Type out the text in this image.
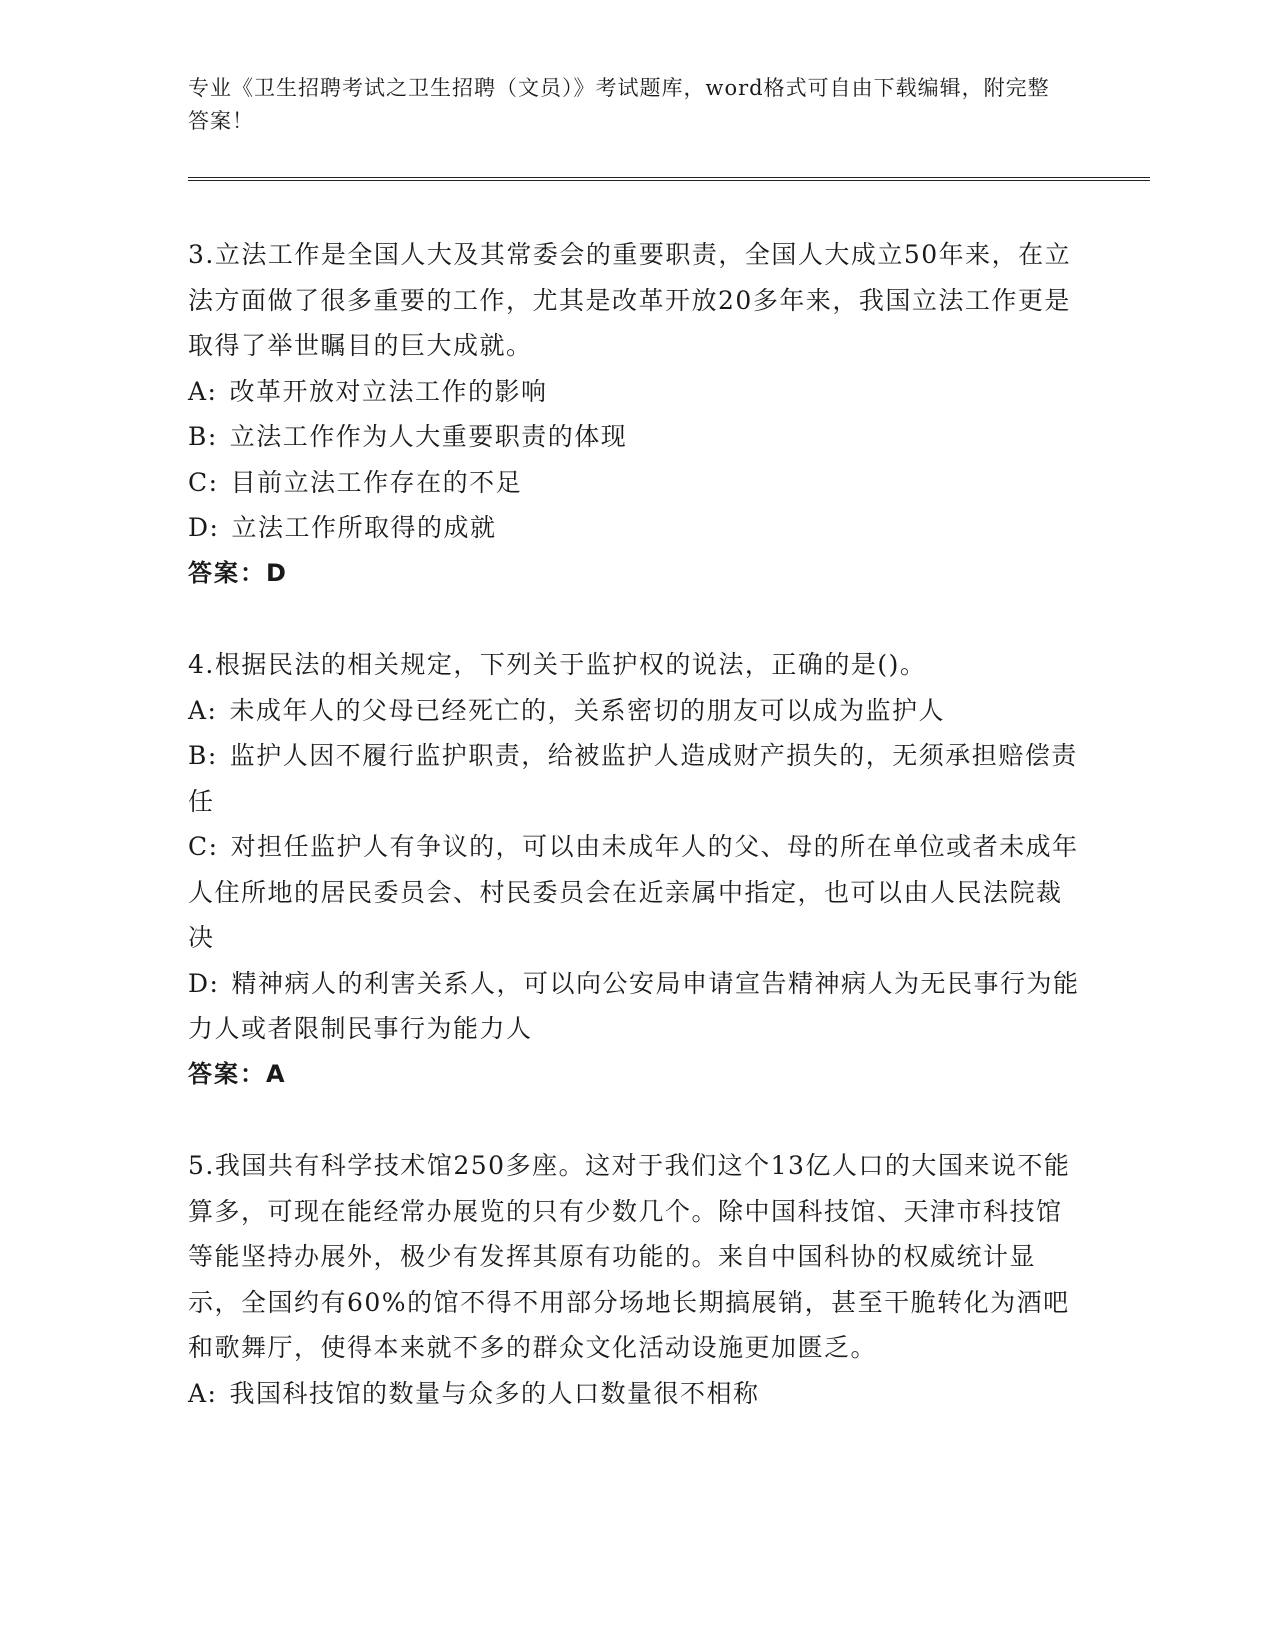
专业《卫生招聘考试之卫生招聘（文员）》考试题库，word格式可自由下载编辑，附完整答案！

3.立法工作是全国人大及其常委会的重要职责，全国人大成立50年来，在立法方面做了很多重要的工作，尤其是改革开放20多年来，我国立法工作更是取得了举世瞩目的巨大成就。

A: 改革开放对立法工作的影响

B: 立法工作作为人大重要职责的体现

C: 目前立法工作存在的不足

D: 立法工作所取得的成就

答案：D

4.根据民法的相关规定，下列关于监护权的说法，正确的是()。

A: 未成年人的父母已经死亡的，关系密切的朋友可以成为监护人

B: 监护人因不履行监护职责，给被监护人造成财产损失的，无须承担赔偿责任

C: 对担任监护人有争议的，可以由未成年人的父、母的所在单位或者未成年人住所地的居民委员会、村民委员会在近亲属中指定，也可以由人民法院裁决

D: 精神病人的利害关系人，可以向公安局申请宣告精神病人为无民事行为能力人或者限制民事行为能力人

答案：A

5.我国共有科学技术馆250多座。这对于我们这个13亿人口的大国来说不能算多，可现在能经常办展览的只有少数几个。除中国科技馆、天津市科技馆等能坚持办展外，极少有发挥其原有功能的。来自中国科协的权威统计显示，全国约有60%的馆不得不用部分场地长期搞展销，甚至干脆转化为酒吧和歌舞厅，使得本来就不多的群众文化活动设施更加匮乏。

A: 我国科技馆的数量与众多的人口数量很不相称
